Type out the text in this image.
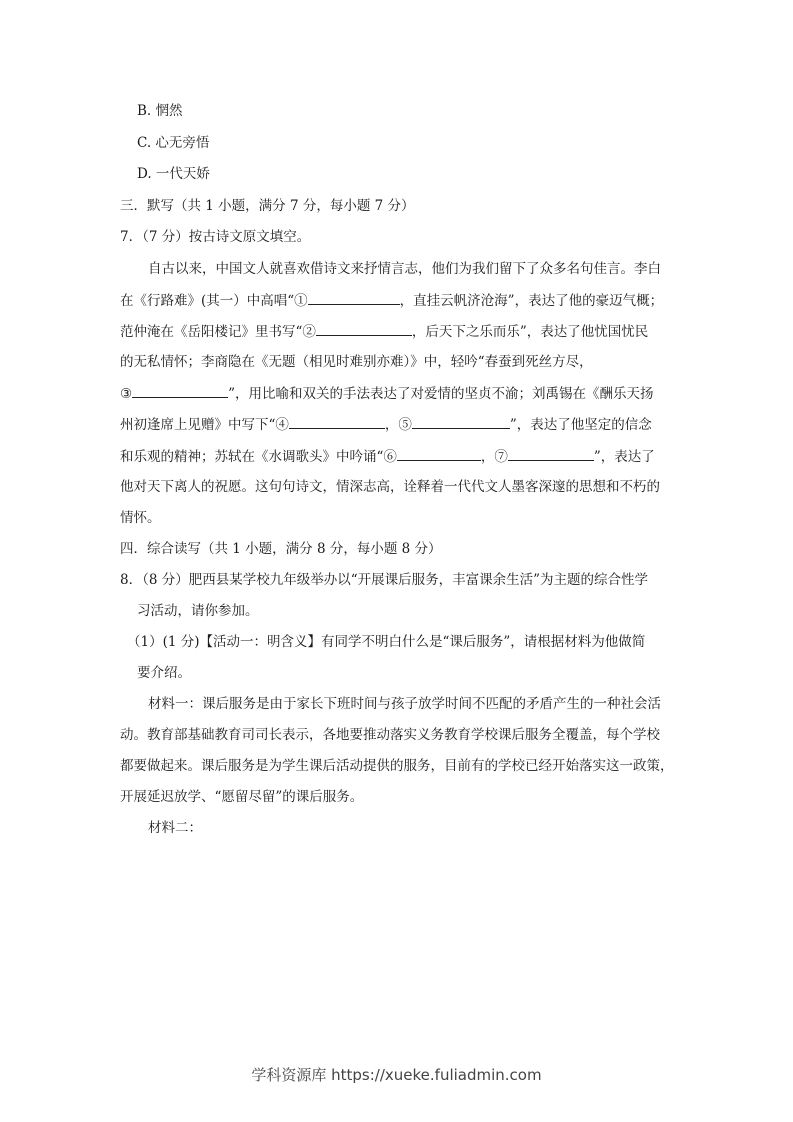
B. 惘然
C. 心无旁悟
D. 一代天娇
三．默写（共 1 小题，满分 7 分，每小题 7 分）
7．（7 分）按古诗文原文填空。
自古以来，中国文人就喜欢借诗文来抒情言志，他们为我们留下了众多名句佳言。李白
在《行路难》(其一）中高唱“①	，直挂云帆济沧海”，表达了他的豪迈气概；
范仲淹在《岳阳楼记》里书写“②	，后天下之乐而乐”，表达了他忧国忧民
的无私情怀；李商隐在《无题（相见时难别亦难）》中，轻吟“春蚕到死丝方尽，
③	”，用比喻和双关的手法表达了对爱情的坚贞不渝；刘禹锡在《酬乐天扬
州初逢席上见赠》中写下“④	，⑤	”，表达了他坚定的信念
和乐观的精神；苏轼在《水调歌头》中吟诵“⑥	，⑦	”，表达了
他对天下离人的祝愿。这句句诗文，情深志高，诠释着一代代文人墨客深邃的思想和不朽的
情怀。
四．综合读写（共 1 小题，满分 8 分，每小题 8 分）
8．（8 分）肥西县某学校九年级举办以“开展课后服务，丰富课余生活”为主题的综合性学
习活动，请你参加。
（1）(1 分)【活动一：明含义】有同学不明白什么是“课后服务”，请根据材料为他做简
要介绍。
材料一：课后服务是由于家长下班时间与孩子放学时间不匹配的矛盾产生的一种社会活
动。教育部基础教育司司长表示，各地要推动落实义务教育学校课后服务全覆盖，每个学校
都要做起来。课后服务是为学生课后活动提供的服务，目前有的学校已经开始落实这一政策，
开展延迟放学、“愿留尽留”的课后服务。
材料二：
学科资源库 https://xueke.fuliadmin.com
